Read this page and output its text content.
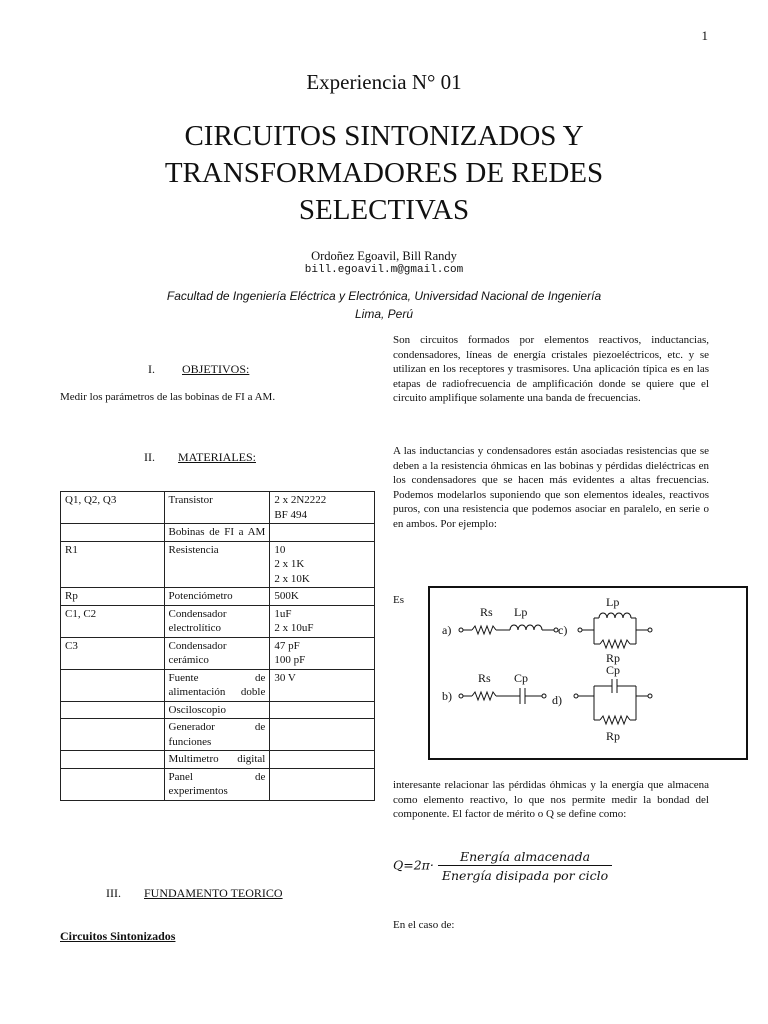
1
Experiencia N° 01
CIRCUITOS SINTONIZADOS Y
TRANSFORMADORES DE REDES
SELECTIVAS
Ordoñez Egoavil, Bill Randy
bill.egoavil.m@gmail.com
Facultad de Ingeniería Eléctrica y Electrónica, Universidad Nacional de Ingeniería
Lima, Perú
I. OBJETIVOS:
Medir los parámetros de las bobinas de FI a AM.
II. MATERIALES:
Q1, Q2, Q3	Transistor	2 x 2N2222
BF 494

	Bobinas de FI a AM	

R1	Resistencia	10
2 x 1K
2 x 10K

Rp	Potenciómetro	500K

C1, C2	Condensador electrolítico	1uF
2 x 10uF

C3	Condensador cerámico	47 pF
100 pF

	Fuente de alimentación doble	30 V

	Osciloscopio	

	Generador de funciones	

	Multimetro digital	

	Panel de experimentos	

III. FUNDAMENTO TEORICO
Circuitos Sintonizados
Son circuitos formados por elementos reactivos, inductancias, condensadores, líneas de energía cristales piezoeléctricos, etc. y se utilizan en los receptores y trasmisores. Una aplicación típica es en las etapas de radiofrecuencia de amplificación donde se quiere que el circuito amplifique solamente una banda de frecuencias.
A las inductancias y condensadores están asociadas resistencias que se deben a la resistencia óhmicas en las bobinas y pérdidas dieléctricas en los condensadores que se hacen más evidentes a altas frecuencias. Podemos modelarlos suponiendo que son elementos ideales, reactivos puros, con una resistencia que podemos asociar en paralelo, en serie o en ambos. Por ejemplo:
Es
a)
Rs Lp
c)
Lp
Rp
b)
Rs Cp
d)
Cp
Rp
interesante relacionar las pérdidas óhmicas y la energía que almacena como elemento reactivo, lo que nos permite medir la bondad del componente. El factor de mérito o Q se define como:
$Q=2\pi\cdot \frac{\text{Energía almacenada}}{\text{Energía disipada por ciclo}}$
En el caso de:
